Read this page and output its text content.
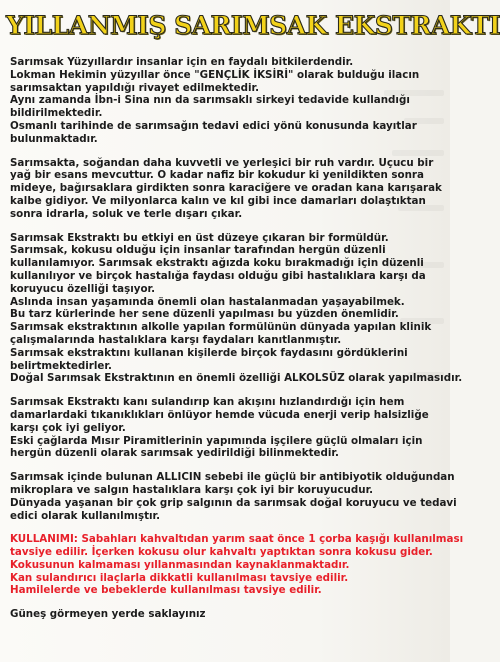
YILLANMIŞ SARIMSAK EKSTRAKTI
Sarımsak Yüzyıllardır insanlar için en faydalı bitkilerdendir.
Lokman Hekimin yüzyıllar önce "GENÇLİK İKSİRİ" olarak bulduğu ilacın
sarımsaktan yapıldığı rivayet edilmektedir.
Aynı zamanda İbn-i Sina nın da sarımsaklı sirkeyi tedavide kullandığı
bildirilmektedir.
Osmanlı tarihinde de sarımsağın tedavi edici yönü konusunda kayıtlar
bulunmaktadır.
Sarımsakta, soğandan daha kuvvetli ve yerleşici bir ruh vardır. Uçucu bir
yağ bir esans mevcuttur. O kadar nafiz bir kokudur ki yenildikten sonra
mideye, bağırsaklara girdikten sonra karaciğere ve oradan kana karışarak
kalbe gidiyor. Ve milyonlarca kalın ve kıl gibi ince damarları dolaştıktan
sonra idrarla, soluk ve terle dışarı çıkar.
Sarımsak Ekstraktı bu etkiyi en üst düzeye çıkaran bir formüldür.
Sarımsak, kokusu olduğu için insanlar tarafından hergün düzenli
kullanılamıyor. Sarımsak ekstraktı ağızda koku bırakmadığı için düzenli
kullanılıyor ve birçok hastalığa faydası olduğu gibi hastalıklara karşı da
koruyucu özelliği taşıyor.
Aslında insan yaşamında önemli olan hastalanmadan yaşayabilmek.
Bu tarz kürlerinde her sene düzenli yapılması bu yüzden önemlidir.
Sarımsak ekstraktının alkolle yapılan formülünün dünyada yapılan klinik
çalışmalarında hastalıklara karşı faydaları kanıtlanmıştır.
Sarımsak ekstraktını kullanan kişilerde birçok faydasını gördüklerini
belirtmektedirler.
Doğal Sarımsak Ekstraktının en önemli özelliği ALKOLSÜZ olarak yapılmasıdır.
Sarımsak Ekstraktı kanı sulandırıp kan akışını hızlandırdığı için hem
damarlardaki tıkanıklıkları önlüyor hemde vücuda enerji verip halsizliğe
karşı çok iyi geliyor.
Eski çağlarda Mısır Piramitlerinin yapımında işçilere güçlü olmaları için
hergün düzenli olarak sarımsak yedirildiği bilinmektedir.
Sarımsak içinde bulunan ALLICIN sebebi ile güçlü bir antibiyotik olduğundan
mikroplara ve salgın hastalıklara karşı çok iyi bir koruyucudur.
Dünyada yaşanan bir çok grip salgının da sarımsak doğal koruyucu ve tedavi
edici olarak kullanılmıştır.
KULLANIMI: Sabahları kahvaltıdan yarım saat önce 1 çorba kaşığı kullanılması
tavsiye edilir. İçerken kokusu olur kahvaltı yaptıktan sonra kokusu gider.
Kokusunun kalmaması yıllanmasından kaynaklanmaktadır.
Kan sulandırıcı ilaçlarla dikkatli kullanılması tavsiye edilir.
Hamilelerde ve bebeklerde kullanılması tavsiye edilir.
Güneş görmeyen yerde saklayınız
